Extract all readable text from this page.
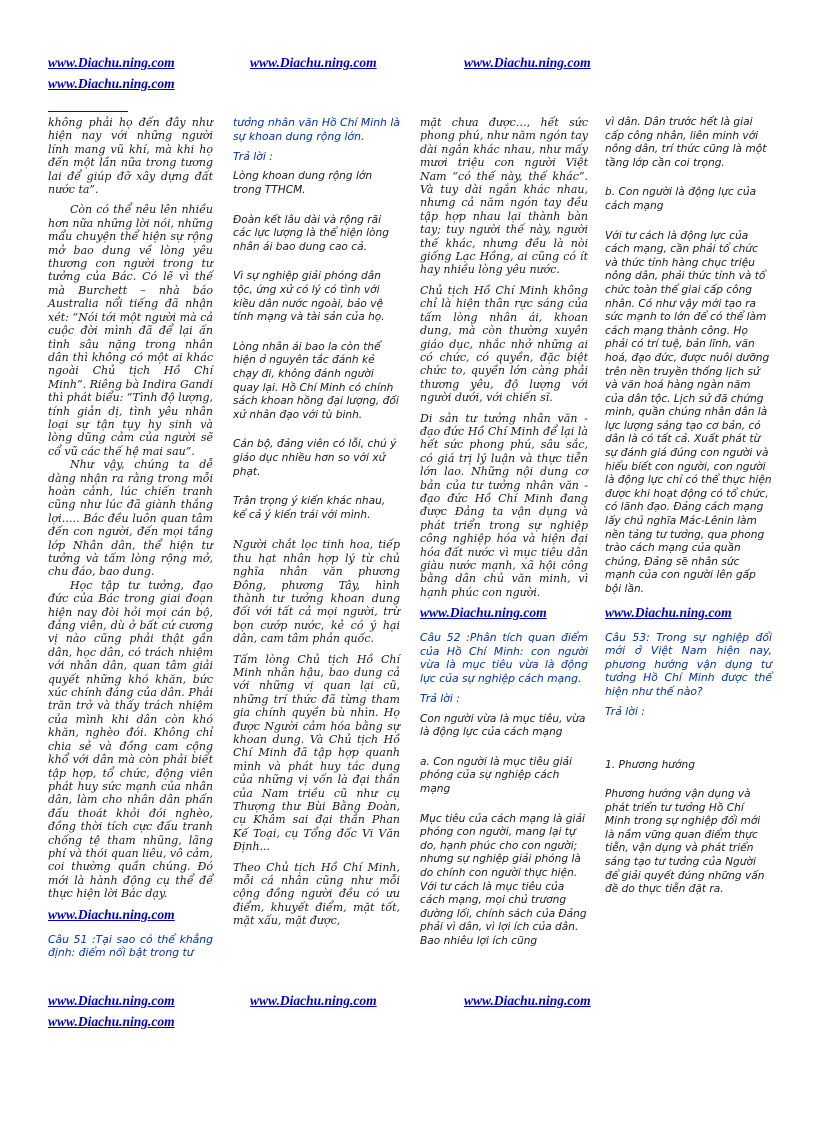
www.Diachu.ning.com	www.Diachu.ning.com	www.Diachu.ning.com
www.Diachu.ning.com

không phải họ đến đây như hiện nay với những người lính mang vũ khí, mà khi họ đến một lần nữa trong tương lai để giúp đỡ xây dựng đất nước ta”.

Còn có thể nêu lên nhiều hơn nữa những lời nói, những mẩu chuyện thể hiện sự rộng mở bao dung về lòng yêu thương con người trong tư tưởng của Bác. Có lẽ vì thế mà Burchett – nhà báo Australia nổi tiếng đã nhận xét: “Nói tới một người mà cả cuộc đời mình đã để lại ấn tình sâu nặng trong nhân dân thì không có một ai khác ngoài Chủ tịch Hồ Chí Minh”. Riêng bà Indira Gandi thì phát biểu: “Tình độ lượng, tính giản dị, tình yêu nhân loại sự tận tụy hy sinh và lòng dũng cảm của người sẽ cổ vũ các thế hệ mai sau”.

Như vậy, chúng ta dễ dàng nhận ra rằng trong mỗi hoàn cảnh, lúc chiến tranh cũng như lúc đã giành thắng lợi….. Bác đều luôn quan tâm đến con người, đến mọi tầng lớp Nhân dân, thể hiện tư tưởng và tấm lòng rộng mở, chu đáo, bao dung.

Học tập tư tưởng, đạo đức của Bác trong giai đoạn hiện nay đòi hỏi mọi cán bộ, đảng viên, dù ở bất cứ cương vị nào cũng phải thật gần dân, học dân, có trách nhiệm với nhân dân, quan tâm giải quyết những khó khăn, bức xúc chính đáng của dân. Phải trăn trở và thấy trách nhiệm của mình khi dân còn khó khăn, nghèo đói. Không chỉ chia sẻ và đồng cam cộng khổ với dân mà còn phải biết tập hợp, tổ chức, động viên phát huy sức mạnh của nhân dân, làm cho nhân dân phấn đấu thoát khỏi đói nghèo, đồng thời tích cực đấu tranh chống tệ tham nhũng, lãng phí và thói quan liêu, vô cảm, coi thường quần chúng. Đó mới là hành động cụ thể để thực hiện lời Bác dạy.

www.Diachu.ning.com

Câu 51 :Tại sao có thể khẳng định: điểm nổi bật trong tư

tưởng nhân văn Hồ Chí Minh là sự khoan dung rộng lớn.

Trả lời :

Lòng khoan dung rộng lớn trong TTHCM.

Đoàn kết lâu dài và rộng rãi các lực lượng là thể hiện lòng nhân ái bao dung cao cả.

Vì sự nghiệp giải phóng dân tộc, ứng xử có lý có tình với kiều dân nước ngoài, bảo vệ tính mạng và tài sản của họ.

Lòng nhân ái bao la còn thể hiện ở nguyên tắc đánh kẻ chạy đi, không đánh người quay lại. Hồ Chí Minh có chính sách khoan hồng đại lượng, đối xử nhân đạo với tù binh.

Cán bộ, đảng viên có lỗi, chú ý giáo dục nhiều hơn so với xử phạt.

Trân trọng ý kiến khác nhau, kể cả ý kiến trái với mình.

Người chắt lọc tinh hoa, tiếp thu hạt nhân hợp lý từ chủ nghĩa nhân văn phương Đông, phương Tây, hình thành tư tưởng khoan dung đối với tất cả mọi người, trừ bọn cướp nước, kẻ có ý hại dân, cam tâm phản quốc.

Tấm lòng Chủ tịch Hồ Chí Minh nhân hậu, bao dung cả với những vị quan lại cũ, những trí thức đã từng tham gia chính quyền bù nhìn. Họ được Người cảm hóa bằng sự khoan dung. Và Chủ tịch Hồ Chí Minh đã tập hợp quanh mình và phát huy tác dụng của những vị vốn là đại thần của Nam triều cũ như cụ Thượng thư Bùi Bằng Đoàn, cụ Khâm sai đại thần Phan Kế Toại, cụ Tổng đốc Vi Văn Định...

Theo Chủ tịch Hồ Chí Minh, mỗi cá nhân cũng như mỗi cộng đồng người đều có ưu điểm, khuyết điểm, mặt tốt, mặt xấu, mặt được,

mặt chưa được…, hết sức phong phú, như năm ngón tay dài ngắn khác nhau, như mấy mươi triệu con người Việt Nam “có thế này, thế khác”. Và tuy dài ngắn khác nhau, nhưng cả năm ngón tay đều tập hợp nhau lại thành bàn tay; tuy người thế này, người thế khác, nhưng đều là nòi giống Lạc Hồng, ai cũng có ít hay nhiều lòng yêu nước.

Chủ tịch Hồ Chí Minh không chỉ là hiện thân rực sáng của tấm lòng nhân ái, khoan dung, mà còn thường xuyên giáo dục, nhắc nhở những ai có chức, có quyền, đặc biệt chức to, quyền lớn càng phải thương yêu, độ lượng với người dưới, với chiến sĩ.

Di sản tư tưởng nhân văn - đạo đức Hồ Chí Minh để lại là hết sức phong phú, sâu sắc, có giá trị lý luận và thực tiễn lớn lao. Những nội dung cơ bản của tư tưởng nhân văn - đạo đức Hồ Chí Minh đang được Đảng ta vận dụng và phát triển trong sự nghiệp công nghiệp hóa và hiện đại hóa đất nước vì mục tiêu dân giàu nước mạnh, xã hội công bằng dân chủ văn minh, vì hạnh phúc con người.

www.Diachu.ning.com

Câu 52 :Phân tích quan điểm của Hồ Chí Minh: con người vừa là mục tiêu vừa là động lực của sự nghiệp cách mạng.

Trả lời :

Con người vừa là mục tiêu, vừa là động lực của cách mạng

a. Con người là mục tiêu giải phóng của sự nghiệp cách mạng

Mục tiêu của cách mạng là giải phóng con người, mang lại tự do, hạnh phúc cho con người; nhưng sự nghiệp giải phóng là do chính con người thực hiện. Với tư cách là mục tiêu của cách mạng, mọi chủ trương đường lối, chính sách của Đảng phải vì dân, vì lợi ích của dân. Bao nhiêu lợi ích cũng

vì dân. Dân trước hết là giai cấp công nhân, liên minh với nông dân, trí thức cũng là một tầng lớp cần coi trọng.

b. Con người là động lực của cách mạng

Với tư cách là động lực của cách mạng, cần phải tổ chức và thức tỉnh hàng chục triệu nông dân, phải thức tỉnh và tổ chức toàn thể giai cấp công nhân. Có như vậy mới tạo ra sức mạnh to lớn để có thể làm cách mạng thành công. Họ phải có trí tuệ, bản lĩnh, văn hoá, đạo đức, được nuôi dưỡng trên nền truyền thống lịch sử và văn hoá hàng ngàn năm của dân tộc. Lịch sử đã chứng minh, quần chúng nhân dân là lực lượng sáng tạo cơ bản, có dân là có tất cả. Xuất phát từ sự đánh giá đúng con người và hiểu biết con người, con người là động lực chỉ có thể thực hiện được khi hoạt động có tổ chức, có lãnh đạo. Đảng cách mạng lấy chủ nghĩa Mác-Lênin làm nền tảng tư tưởng, qua phong trào cách mạng của quần chúng, Đảng sẽ nhân sức mạnh của con người lên gấp bội lần.

www.Diachu.ning.com

Câu 53: Trong sự nghiệp đổi mới ở Việt Nam hiện nay, phương hướng vận dụng tư tưởng Hồ Chí Minh được thể hiện như thế nào?

Trả lời :

1. Phương hướng

Phương hướng vận dụng và phát triển tư tưởng Hồ Chí Minh trong sự nghiệp đổi mới là nắm vững quan điểm thực tiễn, vận dụng và phát triển sáng tạo tư tưởng của Người để giải quyết đúng những vấn đề do thực tiễn đặt ra.

www.Diachu.ning.com	www.Diachu.ning.com	www.Diachu.ning.com
www.Diachu.ning.com
